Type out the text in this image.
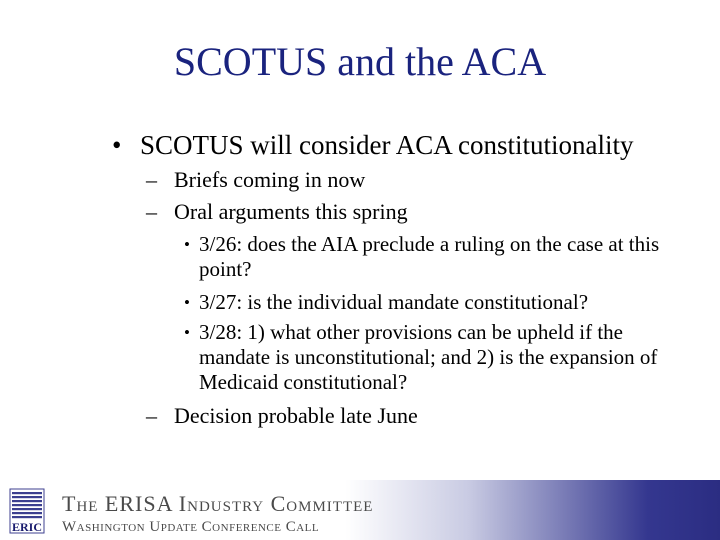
SCOTUS and the ACA
• SCOTUS will consider ACA constitutionality
– Briefs coming in now
– Oral arguments this spring
• 3/26: does the AIA preclude a ruling on the case at this point?
• 3/27: is the individual mandate constitutional?
• 3/28: 1) what other provisions can be upheld if the mandate is unconstitutional; and 2) is the expansion of Medicaid constitutional?
– Decision probable late June
ERIC
The ERISA Industry Committee
Washington Update Conference Call
